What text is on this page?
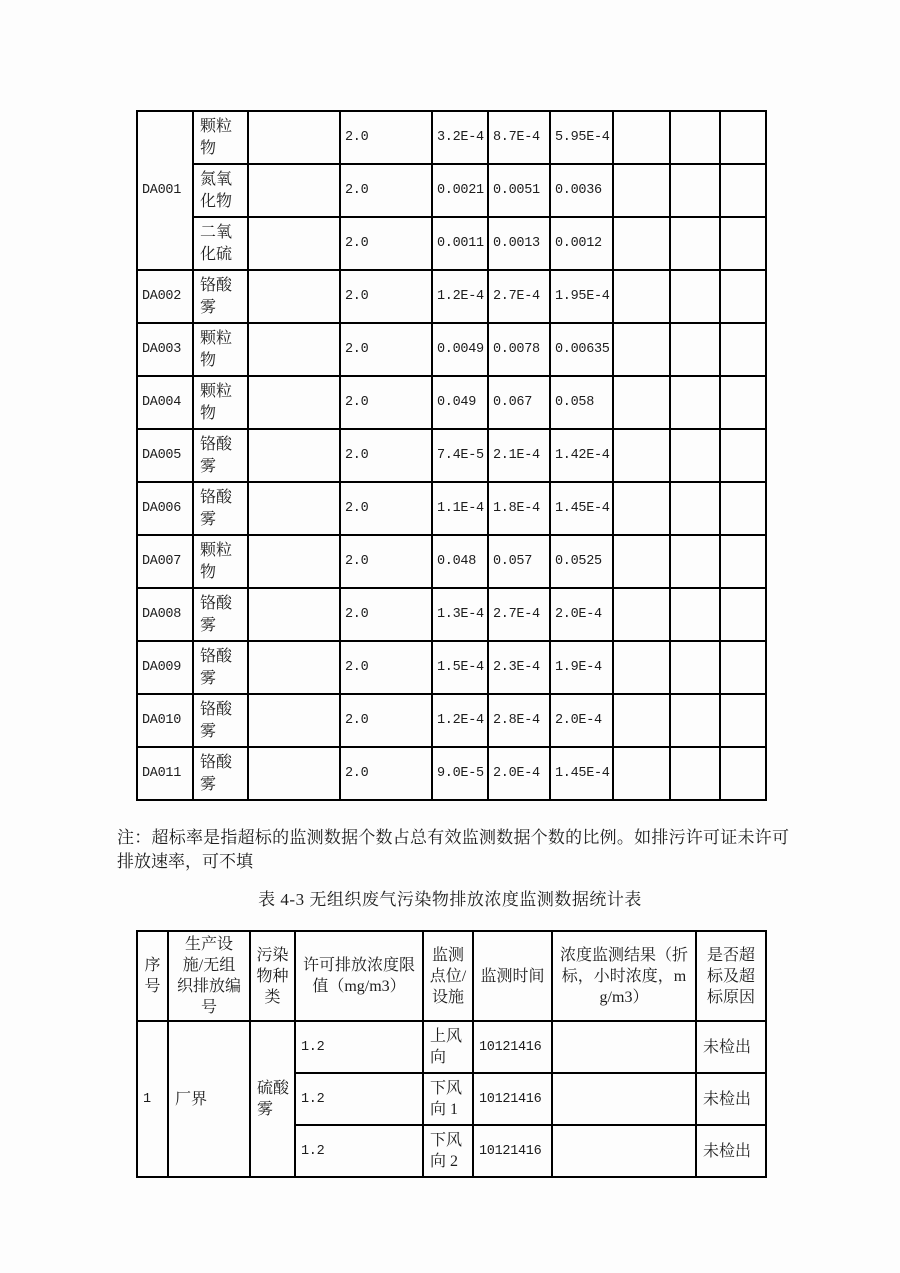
DA001	颗粒物		2.0	3.2E-4	8.7E-4	5.95E-4			
	氮氧化物		2.0	0.0021	0.0051	0.0036			
	二氧化硫		2.0	0.0011	0.0013	0.0012			
DA002	铬酸雾		2.0	1.2E-4	2.7E-4	1.95E-4			
DA003	颗粒物		2.0	0.0049	0.0078	0.00635			
DA004	颗粒物		2.0	0.049	0.067	0.058			
DA005	铬酸雾		2.0	7.4E-5	2.1E-4	1.42E-4			
DA006	铬酸雾		2.0	1.1E-4	1.8E-4	1.45E-4			
DA007	颗粒物		2.0	0.048	0.057	0.0525			
DA008	铬酸雾		2.0	1.3E-4	2.7E-4	2.0E-4			
DA009	铬酸雾		2.0	1.5E-4	2.3E-4	1.9E-4			
DA010	铬酸雾		2.0	1.2E-4	2.8E-4	2.0E-4			
DA011	铬酸雾		2.0	9.0E-5	2.0E-4	1.45E-4			
注：超标率是指超标的监测数据个数占总有效监测数据个数的比例。如排污许可证未许可排放速率，可不填
表 4-3 无组织废气污染物排放浓度监测数据统计表
序号	生产设施/无组织排放编号	污染物种类	许可排放浓度限值（mg/m3）	监测点位/设施	监测时间	浓度监测结果（折标，小时浓度，mg/m3）	是否超标及超标原因
1	厂界	硫酸雾	1.2	上风向	10121416		未检出
			1.2	下风向 1	10121416		未检出
			1.2	下风向 2	10121416		未检出
